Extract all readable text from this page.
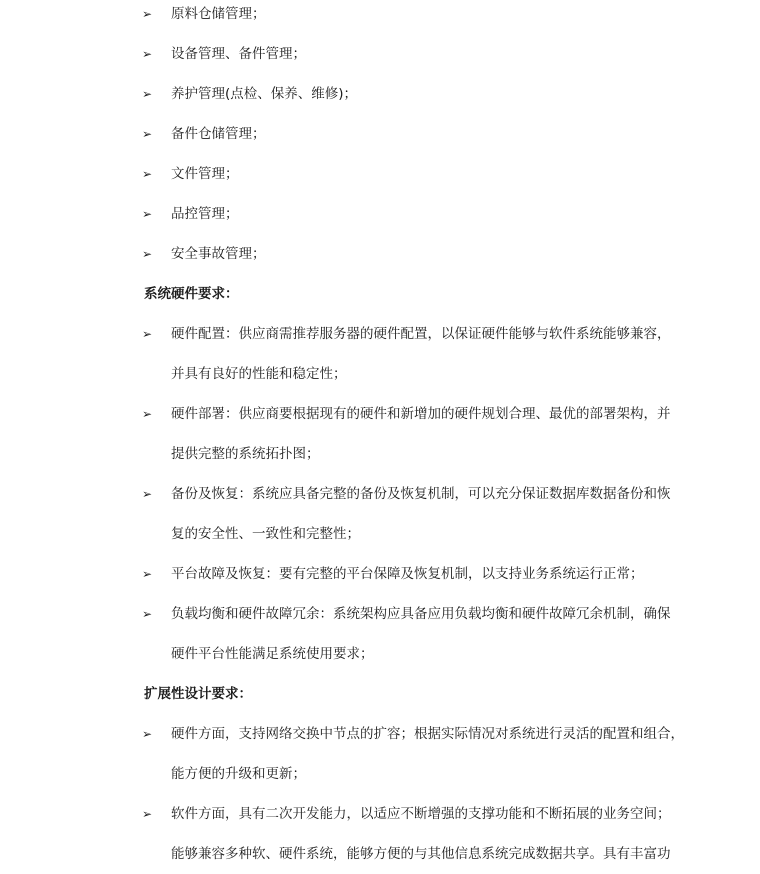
➢ 原料仓储管理；
➢ 设备管理、备件管理；
➢ 养护管理(点检、保养、维修)；
➢ 备件仓储管理；
➢ 文件管理；
➢ 品控管理；
➢ 安全事故管理；
系统硬件要求：
➢ 硬件配置：供应商需推荐服务器的硬件配置，以保证硬件能够与软件系统能够兼容，
并具有良好的性能和稳定性；
➢ 硬件部署：供应商要根据现有的硬件和新增加的硬件规划合理、最优的部署架构，并
提供完整的系统拓扑图；
➢ 备份及恢复：系统应具备完整的备份及恢复机制，可以充分保证数据库数据备份和恢
复的安全性、一致性和完整性；
➢ 平台故障及恢复：要有完整的平台保障及恢复机制，以支持业务系统运行正常；
➢ 负载均衡和硬件故障冗余：系统架构应具备应用负载均衡和硬件故障冗余机制，确保
硬件平台性能满足系统使用要求；
扩展性设计要求：
➢ 硬件方面，支持网络交换中节点的扩容；根据实际情况对系统进行灵活的配置和组合，
能方便的升级和更新；
➢ 软件方面，具有二次开发能力，以适应不断增强的支撑功能和不断拓展的业务空间；
能够兼容多种软、硬件系统，能够方便的与其他信息系统完成数据共享。具有丰富功
